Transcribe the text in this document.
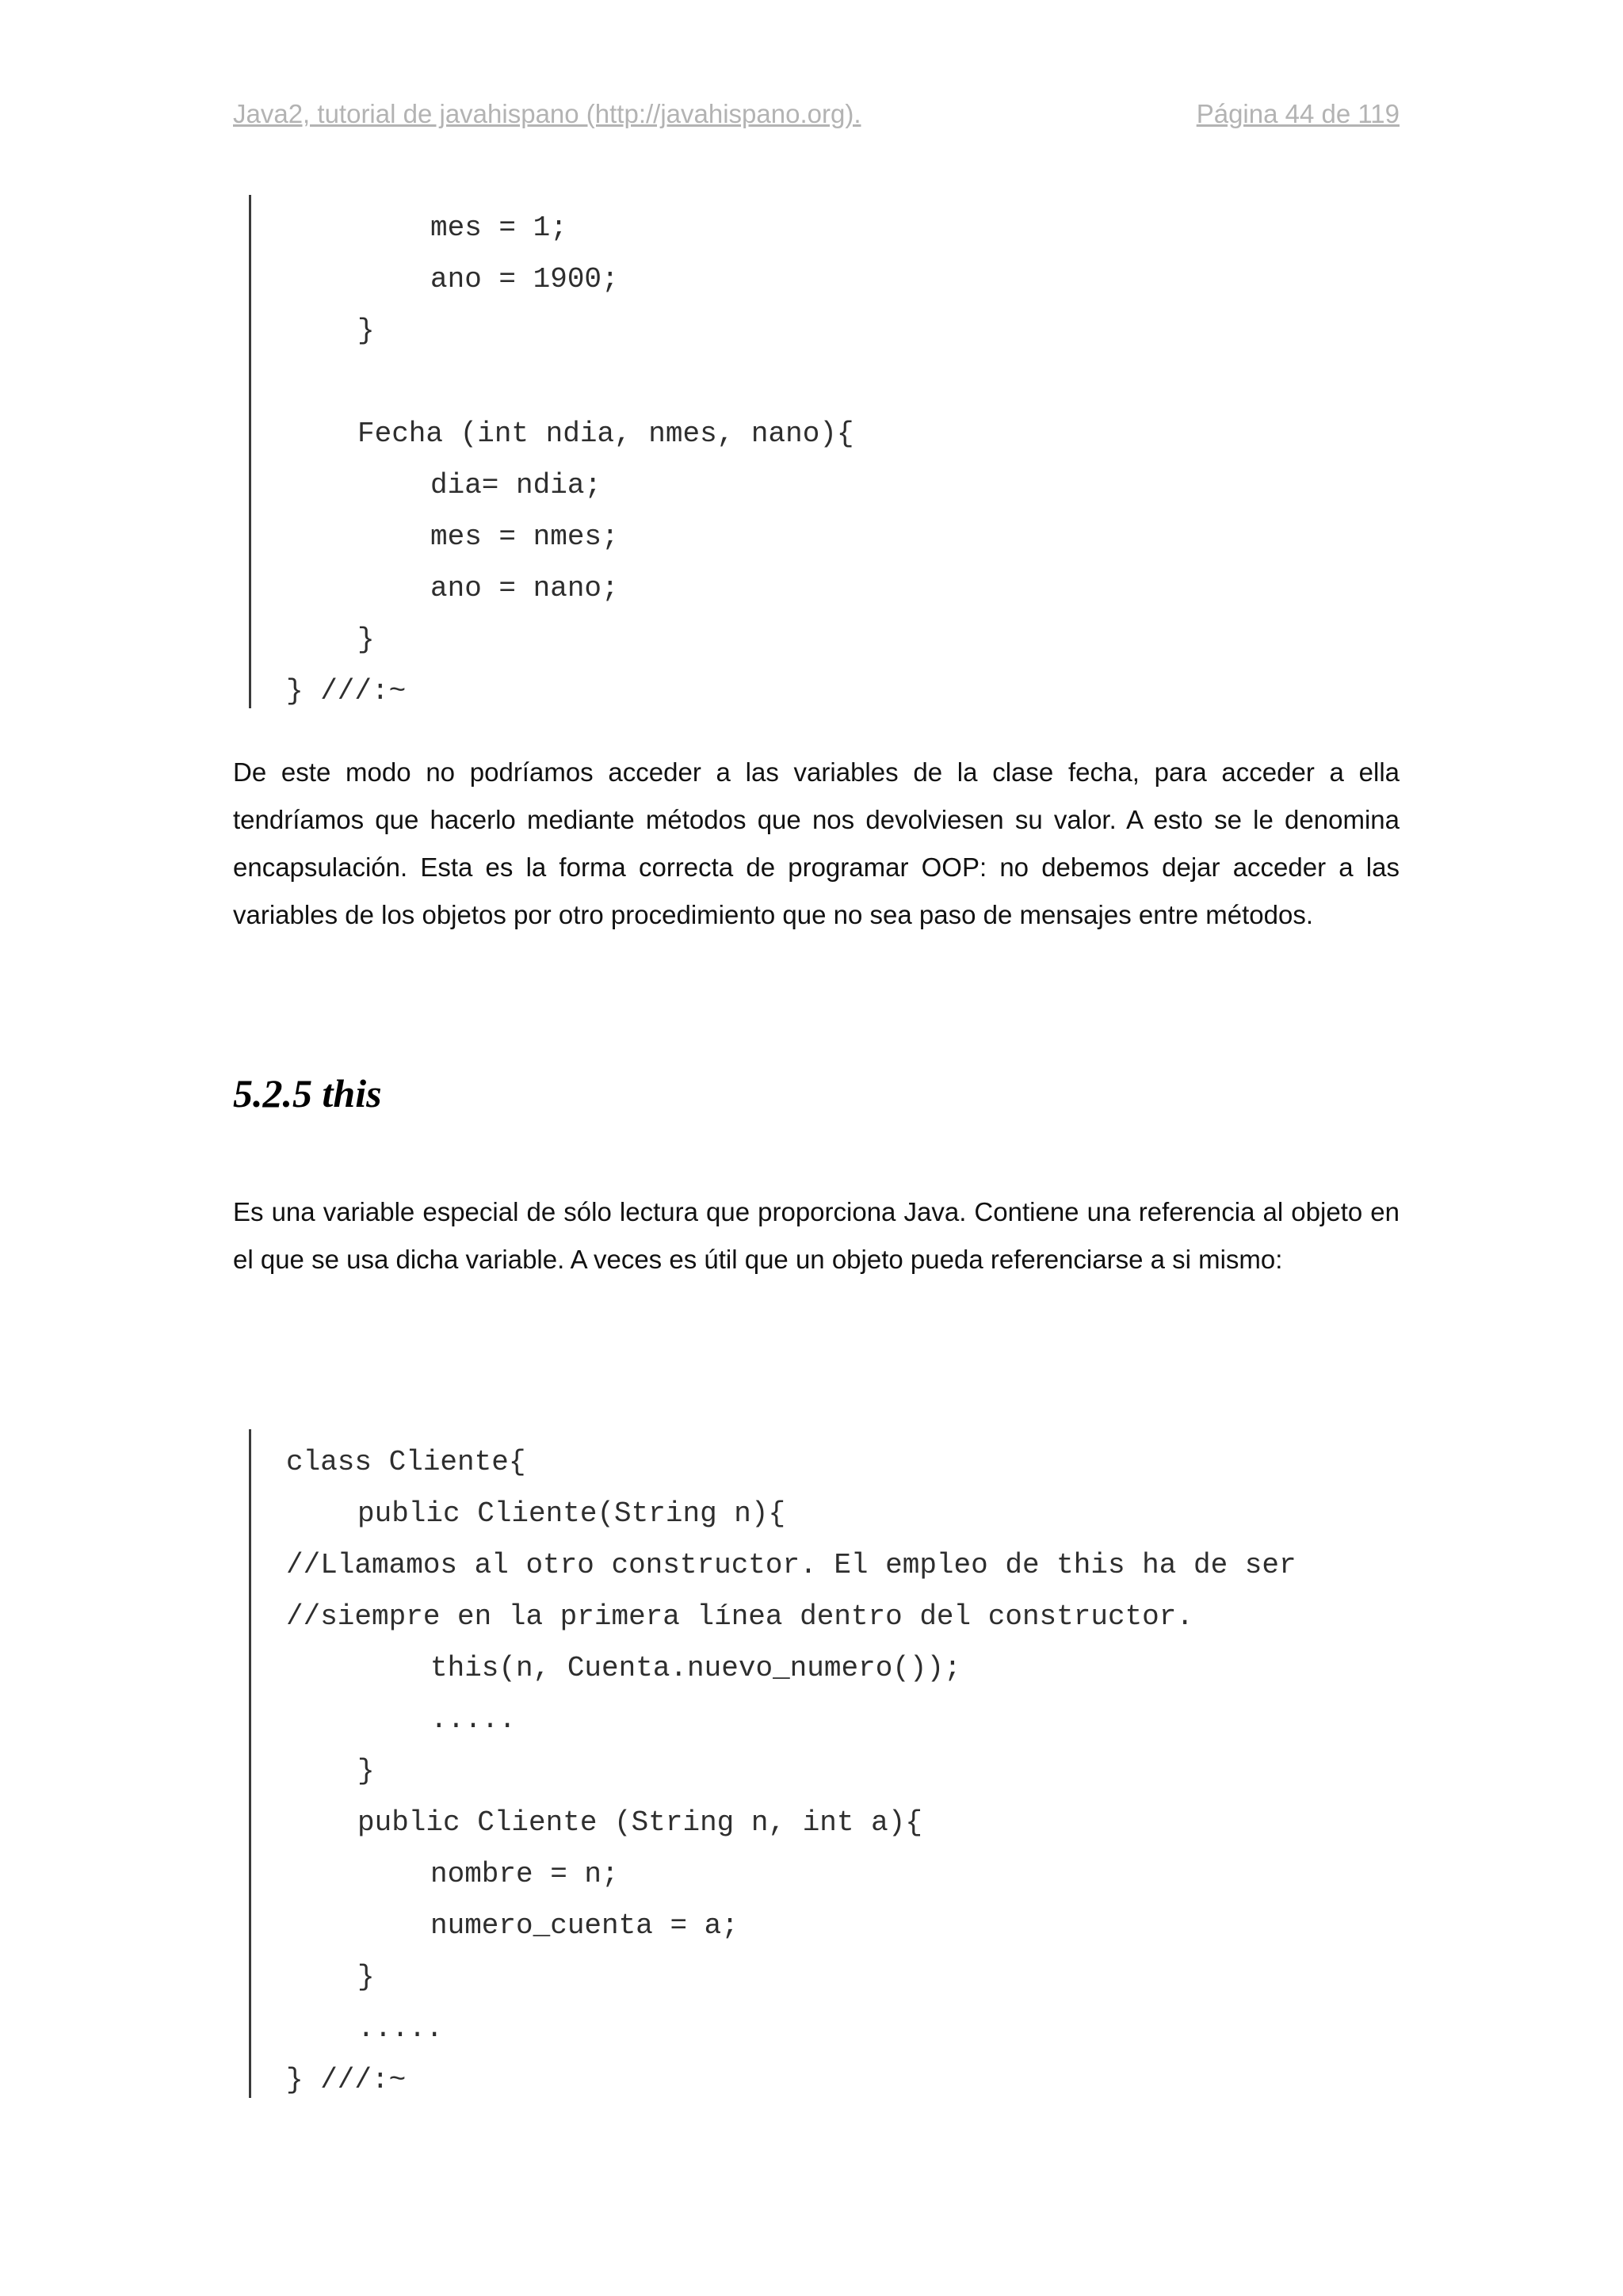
Java2, tutorial de javahispano (http://javahispano.org).	Página 44 de 119
mes = 1;
ano = 1900;
}
Fecha (int ndia, nmes, nano){
dia= ndia;
mes = nmes;
ano = nano;
}
} ///:~
De este modo no podríamos acceder a las variables de la clase fecha, para acceder a ella tendríamos que hacerlo mediante métodos que nos devolviesen su valor. A esto se le denomina encapsulación. Esta es la forma correcta de programar OOP: no debemos dejar acceder a las variables de los objetos por otro procedimiento que no sea paso de mensajes entre métodos.
5.2.5 this
Es una variable especial de sólo lectura que proporciona Java. Contiene una referencia al objeto en el que se usa dicha variable. A veces es útil que un objeto pueda referenciarse a si mismo:
class Cliente{
public Cliente(String n){
//Llamamos al otro constructor. El empleo de this ha de ser
//siempre en la primera línea dentro del constructor.
this(n, Cuenta.nuevo_numero());
.....
}
public Cliente (String n, int a){
nombre = n;
numero_cuenta = a;
}
.....
} ///:~
